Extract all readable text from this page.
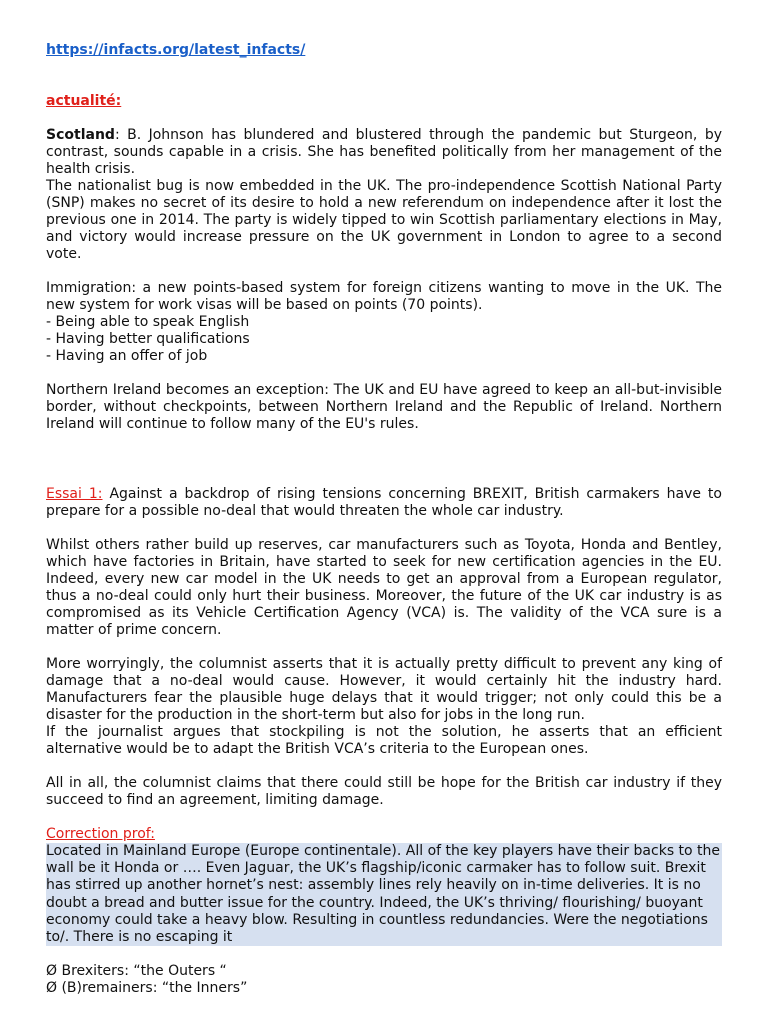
https://infacts.org/latest_infacts/

actualité:

Scotland: B. Johnson has blundered and blustered through the pandemic but Sturgeon, by contrast, sounds capable in a crisis. She has benefited politically from her management of the health crisis.

The nationalist bug is now embedded in the UK. The pro-independence Scottish National Party (SNP) makes no secret of its desire to hold a new referendum on independence after it lost the previous one in 2014. The party is widely tipped to win Scottish parliamentary elections in May, and victory would increase pressure on the UK government in London to agree to a second vote.

Immigration: a new points-based system for foreign citizens wanting to move in the UK. The new system for work visas will be based on points (70 points).

- Being able to speak English
- Having better qualifications
- Having an offer of job

Northern Ireland becomes an exception: The UK and EU have agreed to keep an all-but-invisible border, without checkpoints, between Northern Ireland and the Republic of Ireland. Northern Ireland will continue to follow many of the EU's rules.

Essai 1: Against a backdrop of rising tensions concerning BREXIT, British carmakers have to prepare for a possible no-deal that would threaten the whole car industry.

Whilst others rather build up reserves, car manufacturers such as Toyota, Honda and Bentley, which have factories in Britain, have started to seek for new certification agencies in the EU. Indeed, every new car model in the UK needs to get an approval from a European regulator, thus a no-deal could only hurt their business. Moreover, the future of the UK car industry is as compromised as its Vehicle Certification Agency (VCA) is. The validity of the VCA sure is a matter of prime concern.

More worryingly, the columnist asserts that it is actually pretty difficult to prevent any king of damage that a no-deal would cause. However, it would certainly hit the industry hard. Manufacturers fear the plausible huge delays that it would trigger; not only could this be a disaster for the production in the short-term but also for jobs in the long run.

If the journalist argues that stockpiling is not the solution, he asserts that an efficient alternative would be to adapt the British VCA’s criteria to the European ones.

All in all, the columnist claims that there could still be hope for the British car industry if they succeed to find an agreement, limiting damage.

Correction prof:

Located in Mainland Europe (Europe continentale). All of the key players have their backs to the wall be it Honda or …. Even Jaguar, the UK’s flagship/iconic carmaker has to follow suit. Brexit has stirred up another hornet’s nest: assembly lines rely heavily on in-time deliveries. It is no doubt a bread and butter issue for the country. Indeed, the UK’s thriving/ flourishing/ buoyant economy could take a heavy blow. Resulting in countless redundancies. Were the negotiations to/. There is no escaping it

Ø Brexiters: “the Outers “

Ø (B)remainers: “the Inners”
